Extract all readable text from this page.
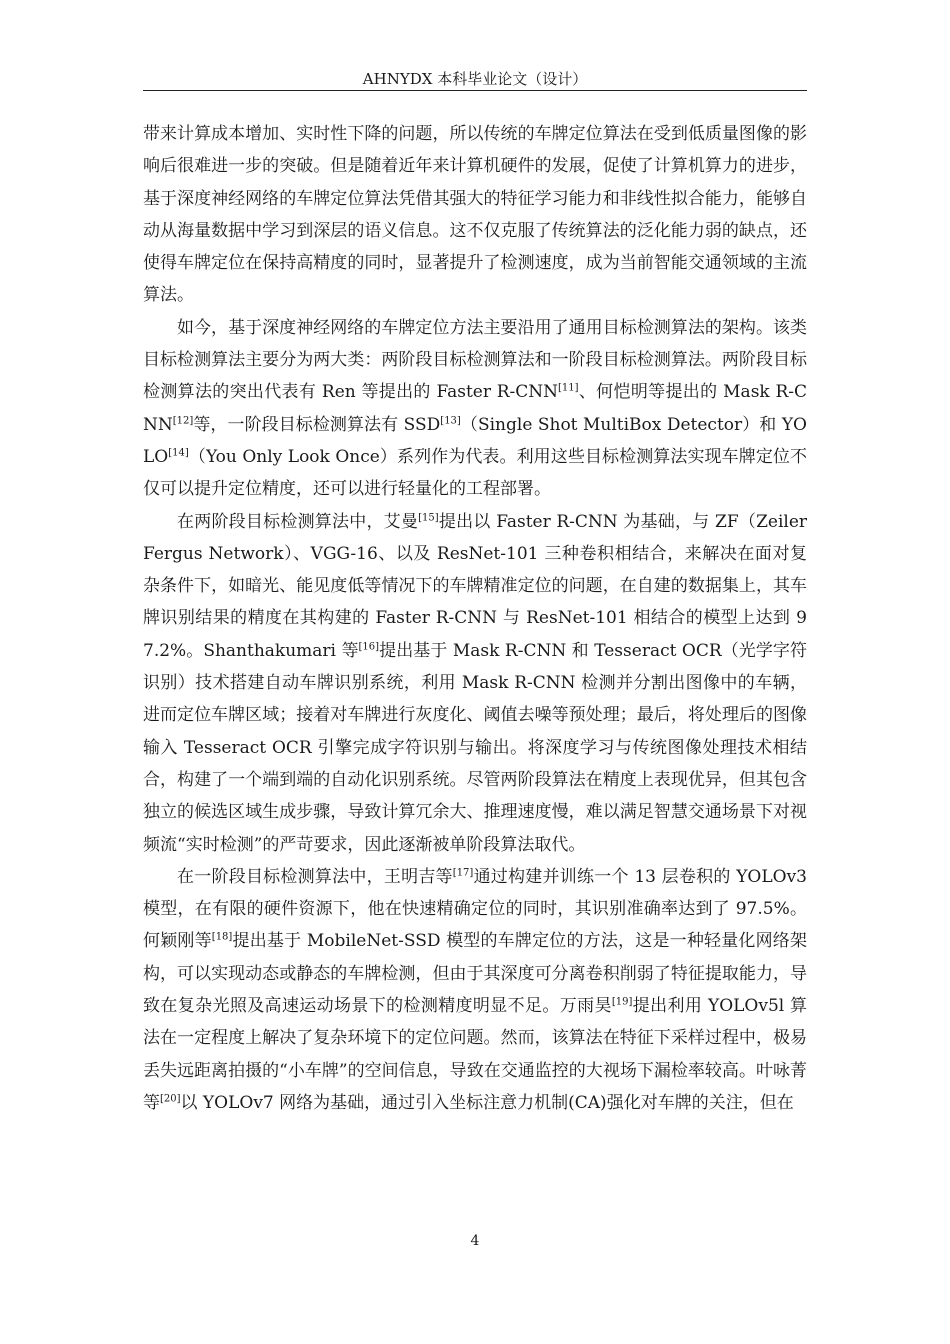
AHNYDX 本科毕业论文（设计）

带来计算成本增加、实时性下降的问题，所以传统的车牌定位算法在受到低质量图像的影响后很难进一步的突破。但是随着近年来计算机硬件的发展，促使了计算机算力的进步，基于深度神经网络的车牌定位算法凭借其强大的特征学习能力和非线性拟合能力，能够自动从海量数据中学习到深层的语义信息。这不仅克服了传统算法的泛化能力弱的缺点，还使得车牌定位在保持高精度的同时，显著提升了检测速度，成为当前智能交通领域的主流算法。

如今，基于深度神经网络的车牌定位方法主要沿用了通用目标检测算法的架构。该类目标检测算法主要分为两大类：两阶段目标检测算法和一阶段目标检测算法。两阶段目标检测算法的突出代表有 Ren 等提出的 Faster R-CNN[11]、何恺明等提出的 Mask R-CNN[12]等，一阶段目标检测算法有 SSD[13]（Single Shot MultiBox Detector）和 YOLO[14]（You Only Look Once）系列作为代表。利用这些目标检测算法实现车牌定位不仅可以提升定位精度，还可以进行轻量化的工程部署。

在两阶段目标检测算法中，艾曼[15]提出以 Faster R-CNN 为基础，与 ZF（Zeiler Fergus Network）、VGG-16、以及 ResNet-101 三种卷积相结合，来解决在面对复杂条件下，如暗光、能见度低等情况下的车牌精准定位的问题，在自建的数据集上，其车牌识别结果的精度在其构建的 Faster R-CNN 与 ResNet-101 相结合的模型上达到 97.2%。Shanthakumari 等[16]提出基于 Mask R-CNN 和 Tesseract OCR（光学字符识别）技术搭建自动车牌识别系统，利用 Mask R-CNN 检测并分割出图像中的车辆，进而定位车牌区域；接着对车牌进行灰度化、阈值去噪等预处理；最后，将处理后的图像输入 Tesseract OCR 引擎完成字符识别与输出。将深度学习与传统图像处理技术相结合，构建了一个端到端的自动化识别系统。尽管两阶段算法在精度上表现优异，但其包含独立的候选区域生成步骤，导致计算冗余大、推理速度慢，难以满足智慧交通场景下对视频流“实时检测”的严苛要求，因此逐渐被单阶段算法取代。

在一阶段目标检测算法中，王明吉等[17]通过构建并训练一个 13 层卷积的 YOLOv3 模型，在有限的硬件资源下，他在快速精确定位的同时，其识别准确率达到了 97.5%。何颖刚等[18]提出基于 MobileNet-SSD 模型的车牌定位的方法，这是一种轻量化网络架构，可以实现动态或静态的车牌检测，但由于其深度可分离卷积削弱了特征提取能力，导致在复杂光照及高速运动场景下的检测精度明显不足。万雨昊[19]提出利用 YOLOv5l 算法在一定程度上解决了复杂环境下的定位问题。然而，该算法在特征下采样过程中，极易丢失远距离拍摄的“小车牌”的空间信息，导致在交通监控的大视场下漏检率较高。叶咏菁等[20]以 YOLOv7 网络为基础，通过引入坐标注意力机制(CA)强化对车牌的关注，但在

4
